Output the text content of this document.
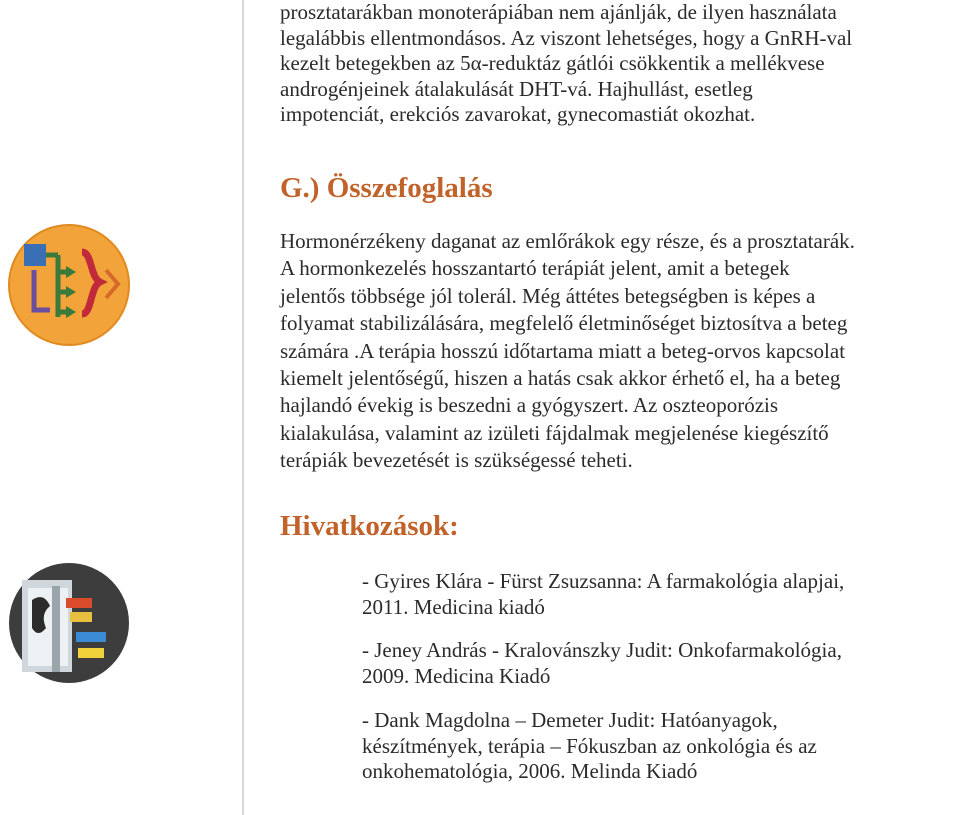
prosztatarákban monoterápiában nem ajánlják, de ilyen használata
legalábbis ellentmondásos. Az viszont lehetséges, hogy a GnRH-val
kezelt betegekben az 5α-reduktáz gátlói csökkentik a mellékvese
androgénjeinek átalakulását DHT-vá. Hajhullást, esetleg
impotenciát, erekciós zavarokat, gynecomastiát okozhat.

G.) Összefoglalás

Hormonérzékeny daganat az emlőrákok egy része, és a prosztatarák.
A hormonkezelés hosszantartó terápiát jelent, amit a betegek
jelentős többsége jól tolerál. Még áttétes betegségben is képes a
folyamat stabilizálására, megfelelő életminőséget biztosítva a beteg
számára .A terápia hosszú időtartama miatt a beteg-orvos kapcsolat
kiemelt jelentőségű, hiszen a hatás csak akkor érhető el, ha a beteg
hajlandó évekig is beszedni a gyógyszert. Az oszteoporózis
kialakulása, valamint az izületi fájdalmak megjelenése kiegészítő
terápiák bevezetését is szükségessé teheti.

Hivatkozások:

- Gyires Klára - Fürst Zsuzsanna: A farmakológia alapjai,
2011. Medicina kiadó

- Jeney András - Kralovánszky Judit: Onkofarmakológia,
2009. Medicina Kiadó

- Dank Magdolna – Demeter Judit: Hatóanyagok,
készítmények, terápia – Fókuszban az onkológia és az
onkohematológia, 2006. Melinda Kiadó
